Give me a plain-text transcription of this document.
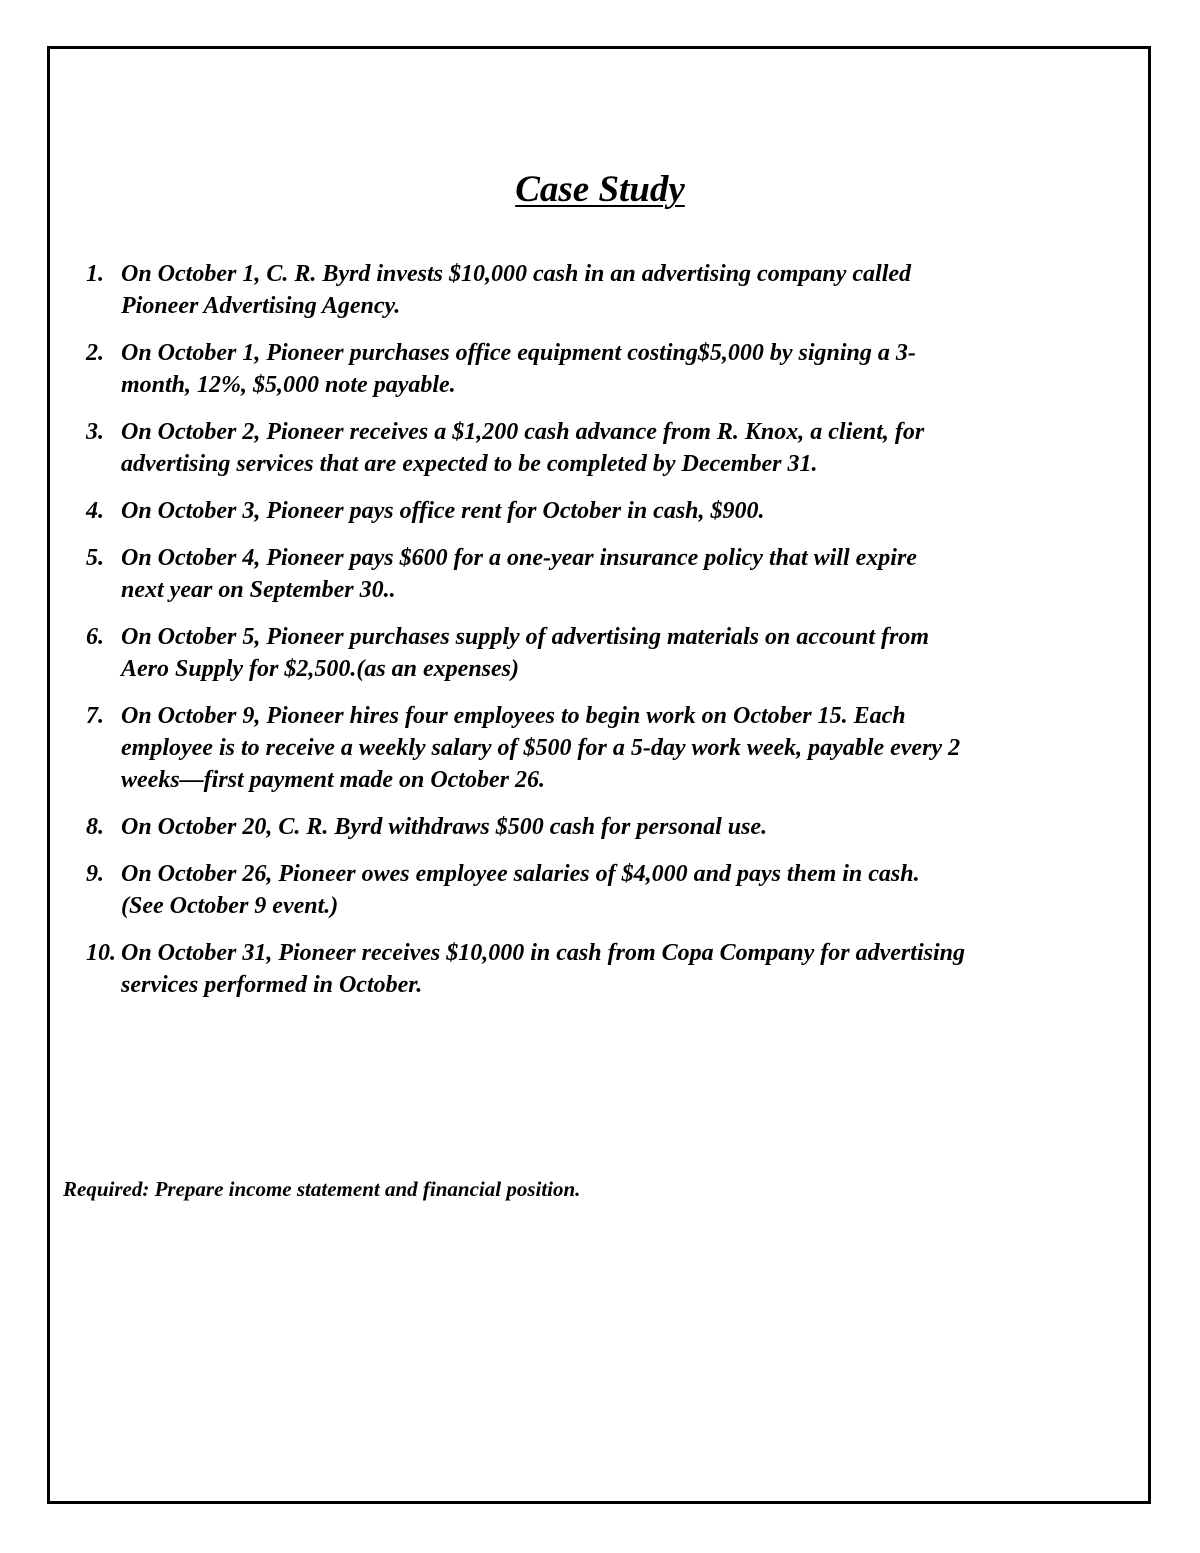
Case Study
1. On October 1, C. R. Byrd invests $10,000 cash in an advertising company called
Pioneer Advertising Agency.
2. On October 1, Pioneer purchases office equipment costing$5,000 by signing a 3-
month, 12%, $5,000 note payable.
3. On October 2, Pioneer receives a $1,200 cash advance from R. Knox, a client, for
advertising services that are expected to be completed by December 31.
4. On October 3, Pioneer pays office rent for October in cash, $900.
5. On October 4, Pioneer pays $600 for a one-year insurance policy that will expire
next year on September 30..
6. On October 5, Pioneer purchases supply of advertising materials on account from
Aero Supply for $2,500.(as an expenses)
7. On October 9, Pioneer hires four employees to begin work on October 15. Each
employee is to receive a weekly salary of $500 for a 5-day work week, payable every 2
weeks—first payment made on October 26.
8. On October 20, C. R. Byrd withdraws $500 cash for personal use.
9. On October 26, Pioneer owes employee salaries of $4,000 and pays them in cash.
(See October 9 event.)
10. On October 31, Pioneer receives $10,000 in cash from Copa Company for advertising
services performed in October.

Required: Prepare income statement and financial position.
